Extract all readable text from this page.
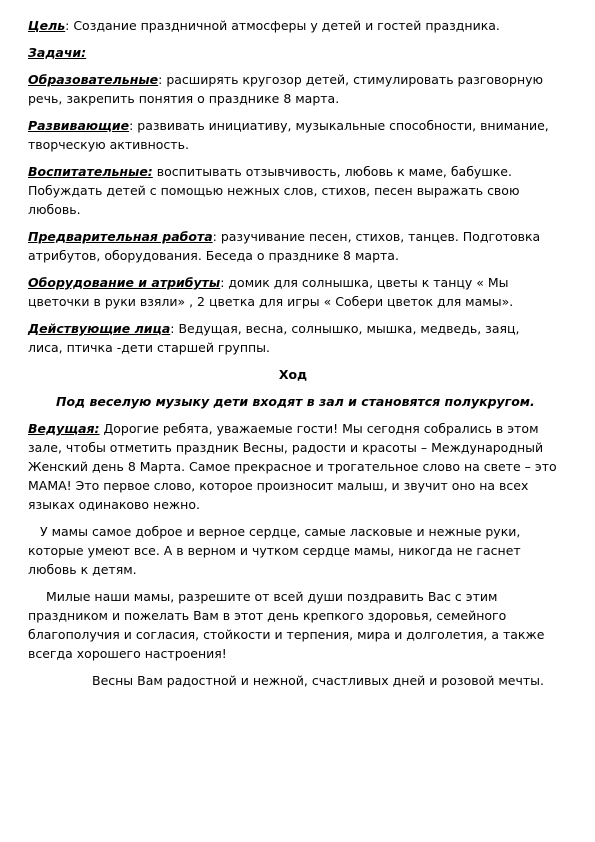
Цель: Создание праздничной атмосферы у детей и гостей праздника.

Задачи:

Образовательные: расширять кругозор детей, стимулировать разговорную речь, закрепить понятия о празднике 8 марта.

Развивающие: развивать инициативу, музыкальные способности, внимание, творческую активность.

Воспитательные: воспитывать отзывчивость, любовь к маме, бабушке. Побуждать детей с помощью нежных слов, стихов, песен выражать свою любовь.

Предварительная работа: разучивание песен, стихов, танцев. Подготовка атрибутов, оборудования. Беседа о празднике 8 марта.

Оборудование и атрибуты: домик для солнышка, цветы к танцу « Мы цветочки в руки взяли» , 2 цветка для игры « Собери цветок для мамы».

Действующие лица: Ведущая, весна, солнышко, мышка, медведь, заяц, лиса, птичка -дети старшей группы.

Ход

Под веселую музыку дети входят в зал и становятся полукругом.

Ведущая: Дорогие ребята, уважаемые гости! Мы сегодня собрались в этом зале, чтобы отметить праздник Весны, радости и красоты – Международный Женский день 8 Марта. Самое прекрасное и трогательное слово на свете – это МАМА! Это первое слово, которое произносит малыш, и звучит оно на всех языках одинаково нежно.

У мамы самое доброе и верное сердце, самые ласковые и нежные руки, которые умеют все. А в верном и чутком сердце мамы, никогда не гаснет любовь к детям.

Милые наши мамы, разрешите от всей души поздравить Вас с этим праздником и пожелать Вам в этот день крепкого здоровья, семейного благополучия и согласия, стойкости и терпения, мира и долголетия, а также всегда хорошего настроения!

Весны Вам радостной и нежной, счастливых дней и розовой мечты.
